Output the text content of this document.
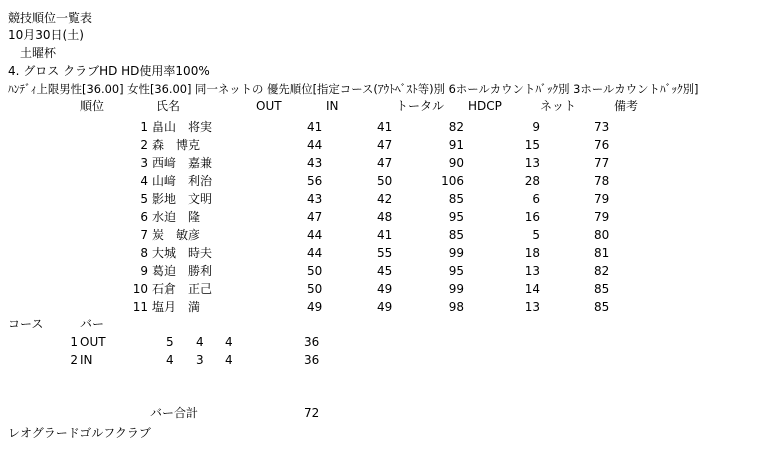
競技順位一覧表
10月30日(土)
土曜杯
4. グロス クラブHD HD使用率100%
ﾊﾝﾃﾞｨ上限男性[36.00] 女性[36.00] 同一ネットの 優先順位[指定コース(ｱｳﾄﾍﾞｽﾄ等)別 6ホールカウントﾊﾞｯｸ別 3ホールカウントﾊﾞｯｸ別]
順位	氏名	OUT	IN	トータル HDCP	ネット	備考
1 畠山　将実	41	41	82	9	73
2 森　博克	44	47	91	15	76
3 西﨑　嘉兼	43	47	90	13	77
4 山﨑　利治	56	50	106	28	78
5 影地　文明	43	42	85	6	79
6 水迫　隆	47	48	95	16	79
7 炭　敏彦	44	41	85	5	80
8 大城　時夫	44	55	99	18	81
9 葛迫　勝利	50	45	95	13	82
10 石倉　正己	50	49	99	14	85
11 塩月　満	49	49	98	13	85
コース	バー
1 OUT	5 4 4	36
2 IN	4 3 4	36
バー合計	72
レオグラードゴルフクラブ
